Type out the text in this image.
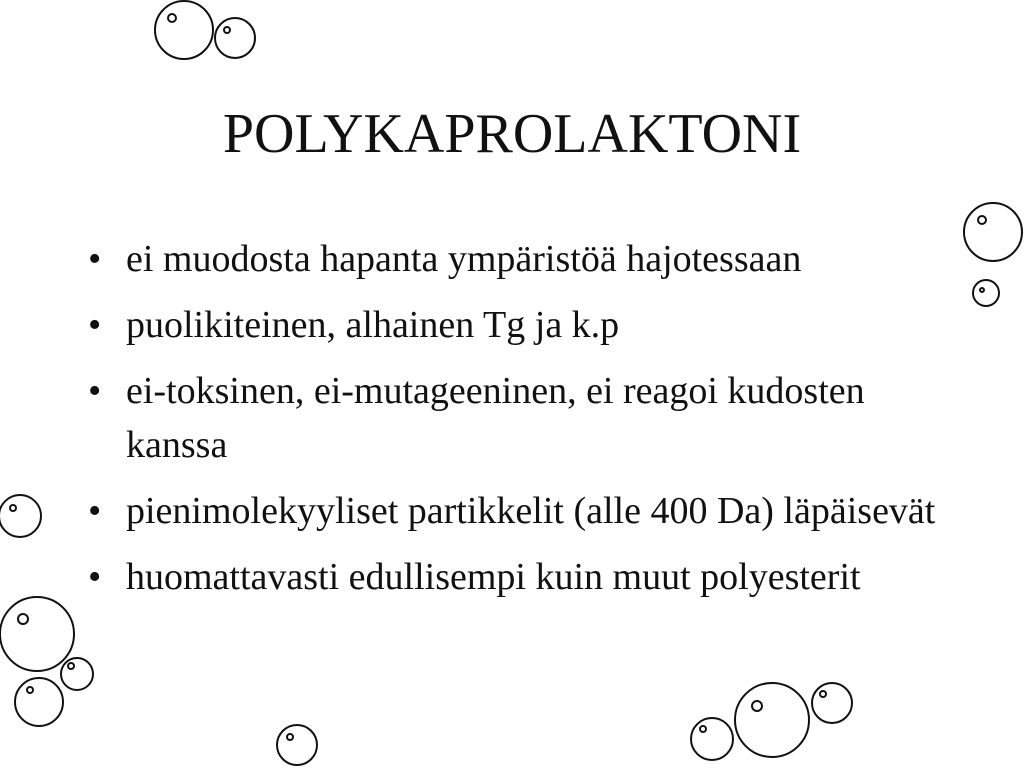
POLYKAPROLAKTONI
• ei muodosta hapanta ympäristöä hajotessaan
• puolikiteinen, alhainen Tg ja k.p
• ei-toksinen, ei-mutageeninen, ei reagoi kudosten kanssa
• pienimolekyyliset partikkelit (alle 400 Da) läpäisevät
• huomattavasti edullisempi kuin muut polyesterit
